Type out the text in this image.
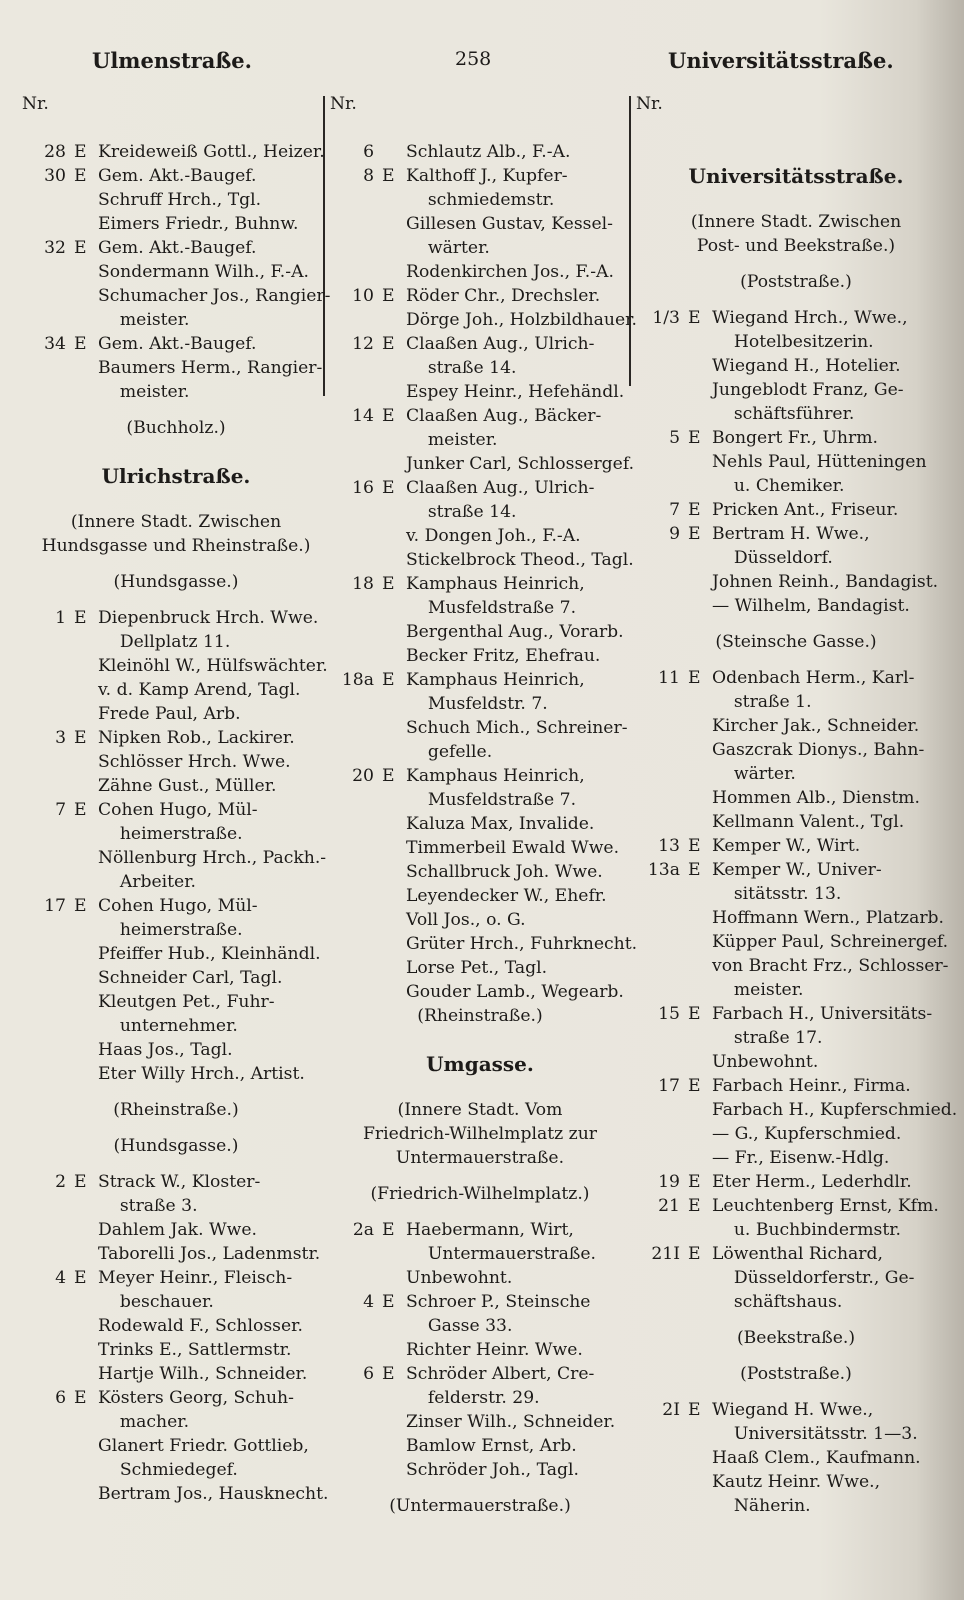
Ulmenstraße.	258	Universitätsstraße.
Nr.
28 E Kreideweiß Gottl., Heizer.
30 E Gem. Akt.-Baugef.
Schruff Hrch., Tgl.
Eimers Friedr., Buhnw.
32 E Gem. Akt.-Baugef.
Sondermann Wilh., F.-A.
Schumacher Jos., Rangier-
meister.
34 E Gem. Akt.-Baugef.
Baumers Herm., Rangier-
meister.
(Buchholz.)
Ulrichstraße.
(Innere Stadt. Zwischen
Hundsgasse und Rheinstraße.)
(Hundsgasse.)
1 E Diepenbruck Hrch. Wwe.
Dellplatz 11.
Kleinöhl W., Hülfswächter.
v. d. Kamp Arend, Tagl.
Frede Paul, Arb.
3 E Nipken Rob., Lackirer.
Schlösser Hrch. Wwe.
Zähne Gust., Müller.
7 E Cohen Hugo, Mül-
heimerstraße.
Nöllenburg Hrch., Packh.-
Arbeiter.
17 E Cohen Hugo, Mül-
heimerstraße.
Pfeiffer Hub., Kleinhändl.
Schneider Carl, Tagl.
Kleutgen Pet., Fuhr-
unternehmer.
Haas Jos., Tagl.
Eter Willy Hrch., Artist.
(Rheinstraße.)
(Hundsgasse.)
2 E Strack W., Kloster-
straße 3.
Dahlem Jak. Wwe.
Taborelli Jos., Ladenmstr.
4 E Meyer Heinr., Fleisch-
beschauer.
Rodewald F., Schlosser.
Trinks E., Sattlermstr.
Hartje Wilh., Schneider.
6 E Kösters Georg, Schuh-
macher.
Glanert Friedr. Gottlieb,
Schmiedegef.
Bertram Jos., Hausknecht.
Nr.
6 Schlautz Alb., F.-A.
8 E Kalthoff J., Kupfer-
schmiedemstr.
Gillesen Gustav, Kessel-
wärter.
Rodenkirchen Jos., F.-A.
10 E Röder Chr., Drechsler.
Dörge Joh., Holzbildhauer.
12 E Claaßen Aug., Ulrich-
straße 14.
Espey Heinr., Hefehändl.
14 E Claaßen Aug., Bäcker-
meister.
Junker Carl, Schlossergef.
16 E Claaßen Aug., Ulrich-
straße 14.
v. Dongen Joh., F.-A.
Stickelbrock Theod., Tagl.
18 E Kamphaus Heinrich,
Musfeldstraße 7.
Bergenthal Aug., Vorarb.
Becker Fritz, Ehefrau.
18a E Kamphaus Heinrich,
Musfeldstr. 7.
Schuch Mich., Schreiner-
gefelle.
20 E Kamphaus Heinrich,
Musfeldstraße 7.
Kaluza Max, Invalide.
Timmerbeil Ewald Wwe.
Schallbruck Joh. Wwe.
Leyendecker W., Ehefr.
Voll Jos., o. G.
Grüter Hrch., Fuhrknecht.
Lorse Pet., Tagl.
Gouder Lamb., Wegearb.
(Rheinstraße.)
Umgasse.
(Innere Stadt. Vom
Friedrich-Wilhelmplatz zur
Untermauerstraße.
(Friedrich-Wilhelmplatz.)
2a E Haebermann, Wirt,
Untermauerstraße.
Unbewohnt.
4 E Schroer P., Steinsche
Gasse 33.
Richter Heinr. Wwe.
6 E Schröder Albert, Cre-
felderstr. 29.
Zinser Wilh., Schneider.
Bamlow Ernst, Arb.
Schröder Joh., Tagl.
(Untermauerstraße.)
Nr.
Universitätsstraße.
(Innere Stadt. Zwischen
Post- und Beekstraße.)
(Poststraße.)
1/3 E Wiegand Hrch., Wwe.,
Hotelbesitzerin.
Wiegand H., Hotelier.
Jungeblodt Franz, Ge-
schäftsführer.
5 E Bongert Fr., Uhrm.
Nehls Paul, Hütteningen
u. Chemiker.
7 E Pricken Ant., Friseur.
9 E Bertram H. Wwe.,
Düsseldorf.
Johnen Reinh., Bandagist.
— Wilhelm, Bandagist.
(Steinsche Gasse.)
11 E Odenbach Herm., Karl-
straße 1.
Kircher Jak., Schneider.
Gaszcrak Dionys., Bahn-
wärter.
Hommen Alb., Dienstm.
Kellmann Valent., Tgl.
13 E Kemper W., Wirt.
13a E Kemper W., Univer-
sitätsstr. 13.
Hoffmann Wern., Platzarb.
Küpper Paul, Schreinergef.
von Bracht Frz., Schlosser-
meister.
15 E Farbach H., Universitäts-
straße 17.
Unbewohnt.
17 E Farbach Heinr., Firma.
Farbach H., Kupferschmied.
— G., Kupferschmied.
— Fr., Eisenw.-Hdlg.
19 E Eter Herm., Lederhdlr.
21 E Leuchtenberg Ernst, Kfm.
u. Buchbindermstr.
21I E Löwenthal Richard,
Düsseldorferstr., Ge-
schäftshaus.
(Beekstraße.)
(Poststraße.)
2I E Wiegand H. Wwe.,
Universitätsstr. 1—3.
Haaß Clem., Kaufmann.
Kautz Heinr. Wwe.,
Näherin.
